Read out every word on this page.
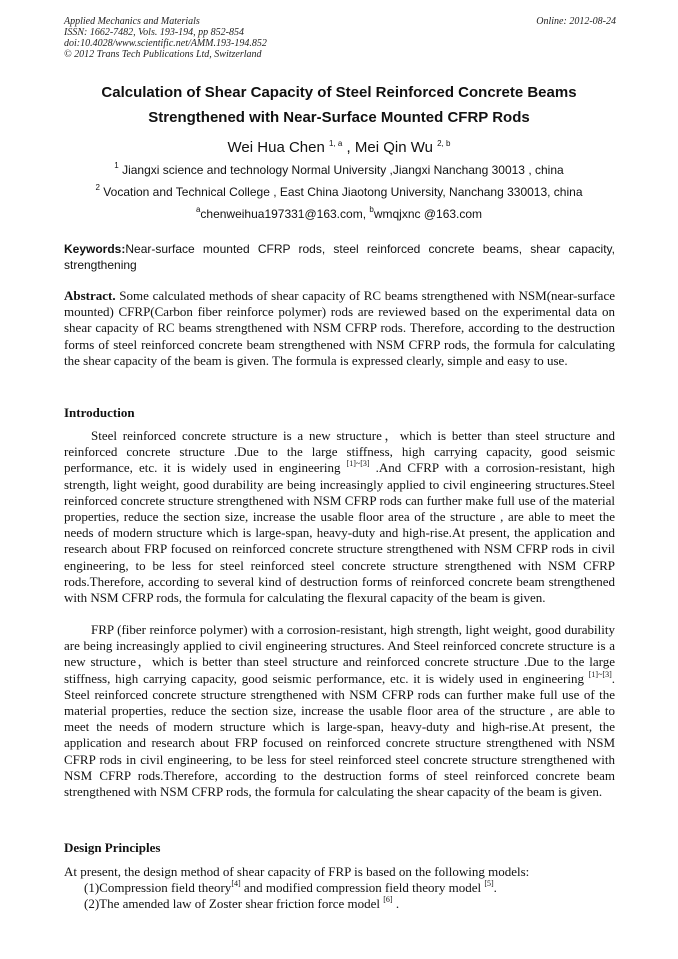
Applied Mechanics and Materials
ISSN: 1662-7482, Vols. 193-194, pp 852-854
doi:10.4028/www.scientific.net/AMM.193-194.852
© 2012 Trans Tech Publications Ltd, Switzerland
Online: 2012-08-24
Calculation of Shear Capacity of Steel Reinforced Concrete Beams
Strengthened with Near-Surface Mounted CFRP Rods
Wei Hua Chen $^{1, a}$ , Mei Qin Wu $^{2, b}$
$^1$ Jiangxi science and technology Normal University ,Jiangxi Nanchang 30013 , china
$^2$ Vocation and Technical College , East China Jiaotong University, Nanchang 330013, china
$^a$chenweihua197331@163.com, $^b$wmqjxnc @163.com
Keywords:Near-surface mounted CFRP rods, steel reinforced concrete beams, shear capacity, strengthening
Abstract. Some calculated methods of shear capacity of RC beams strengthened with NSM(near-surface mounted) CFRP(Carbon fiber reinforce polymer) rods are reviewed based on the experimental data on shear capacity of RC beams strengthened with NSM CFRP rods. Therefore, according to the destruction forms of steel reinforced concrete beam strengthened with NSM CFRP rods, the formula for calculating the shear capacity of the beam is given. The formula is expressed clearly, simple and easy to use.
Introduction
Steel reinforced concrete structure is a new structure，which is better than steel structure and reinforced concrete structure .Due to the large stiffness, high carrying capacity, good seismic performance, etc. it is widely used in engineering [1]~[3] .And CFRP with a corrosion-resistant, high strength, light weight, good durability are being increasingly applied to civil engineering structures.Steel reinforced concrete structure strengthened with NSM CFRP rods can further make full use of the material properties, reduce the section size, increase the usable floor area of the structure , are able to meet the needs of modern structure which is large-span, heavy-duty and high-rise.At present, the application and research about FRP focused on reinforced concrete structure strengthened with NSM CFRP rods in civil engineering, to be less for steel reinforced steel concrete structure strengthened with NSM CFRP rods.Therefore, according to several kind of destruction forms of reinforced concrete beam strengthened with NSM CFRP rods, the formula for calculating the flexural capacity of the beam is given.
FRP (fiber reinforce polymer) with a corrosion-resistant, high strength, light weight, good durability are being increasingly applied to civil engineering structures. And Steel reinforced concrete structure is a new structure，which is better than steel structure and reinforced concrete structure .Due to the large stiffness, high carrying capacity, good seismic performance, etc. it is widely used in engineering [1]~[3]. Steel reinforced concrete structure strengthened with NSM CFRP rods can further make full use of the material properties, reduce the section size, increase the usable floor area of the structure , are able to meet the needs of modern structure which is large-span, heavy-duty and high-rise.At present, the application and research about FRP focused on reinforced concrete structure strengthened with NSM CFRP rods in civil engineering, to be less for steel reinforced steel concrete structure strengthened with NSM CFRP rods.Therefore, according to the destruction forms of steel reinforced concrete beam strengthened with NSM CFRP rods, the formula for calculating the shear capacity of the beam is given.
Design Principles
At present, the design method of shear capacity of FRP is based on the following models:
(1)Compression field theory[4] and modified compression field theory model [5].
(2)The amended law of Zoster shear friction force model [6] .
